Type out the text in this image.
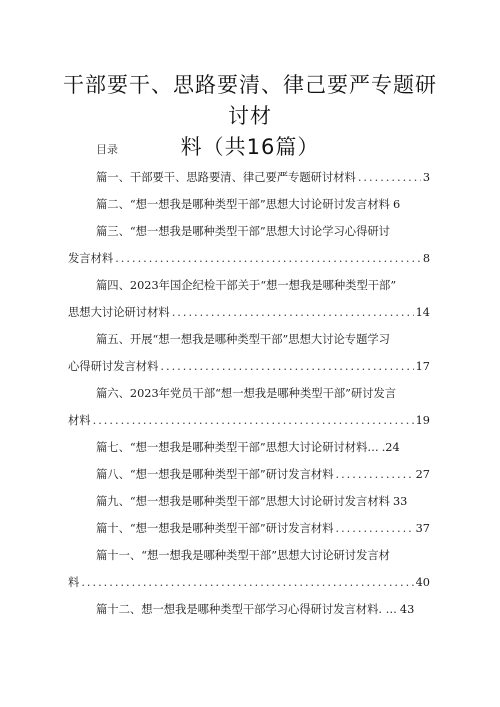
干部要干、思路要清、律己要严专题研讨材
料（共16篇）
目录
篇一、干部要干、思路要清、律己要严专题研讨材料 .....	3
篇二、“想一想我是哪种类型干部”思想大讨论研讨发言材料 6
篇三、“想一想我是哪种类型干部”思想大讨论学习心得研讨
发言材料 .....	8
篇四、2023年国企纪检干部关于“想一想我是哪种类型干部”
思想大讨论研讨材料 .....	14
篇五、开展“想一想我是哪种类型干部”思想大讨论专题学习
心得研讨发言材料 .....	17
篇六、2023年党员干部“想一想我是哪种类型干部”研讨发言
材料 .....	19
篇七、“想一想我是哪种类型干部”思想大讨论研讨材料… .24
篇八、“想一想我是哪种类型干部”研讨发言材料 .....	27
篇九、“想一想我是哪种类型干部”思想大讨论研讨发言材料 33
篇十、“想一想我是哪种类型干部”研讨发言材料 .....	37
篇十一、“想一想我是哪种类型干部”思想大讨论研讨发言材
料 .....	40
篇十二、想一想我是哪种类型干部学习心得研讨发言材料. … 43
